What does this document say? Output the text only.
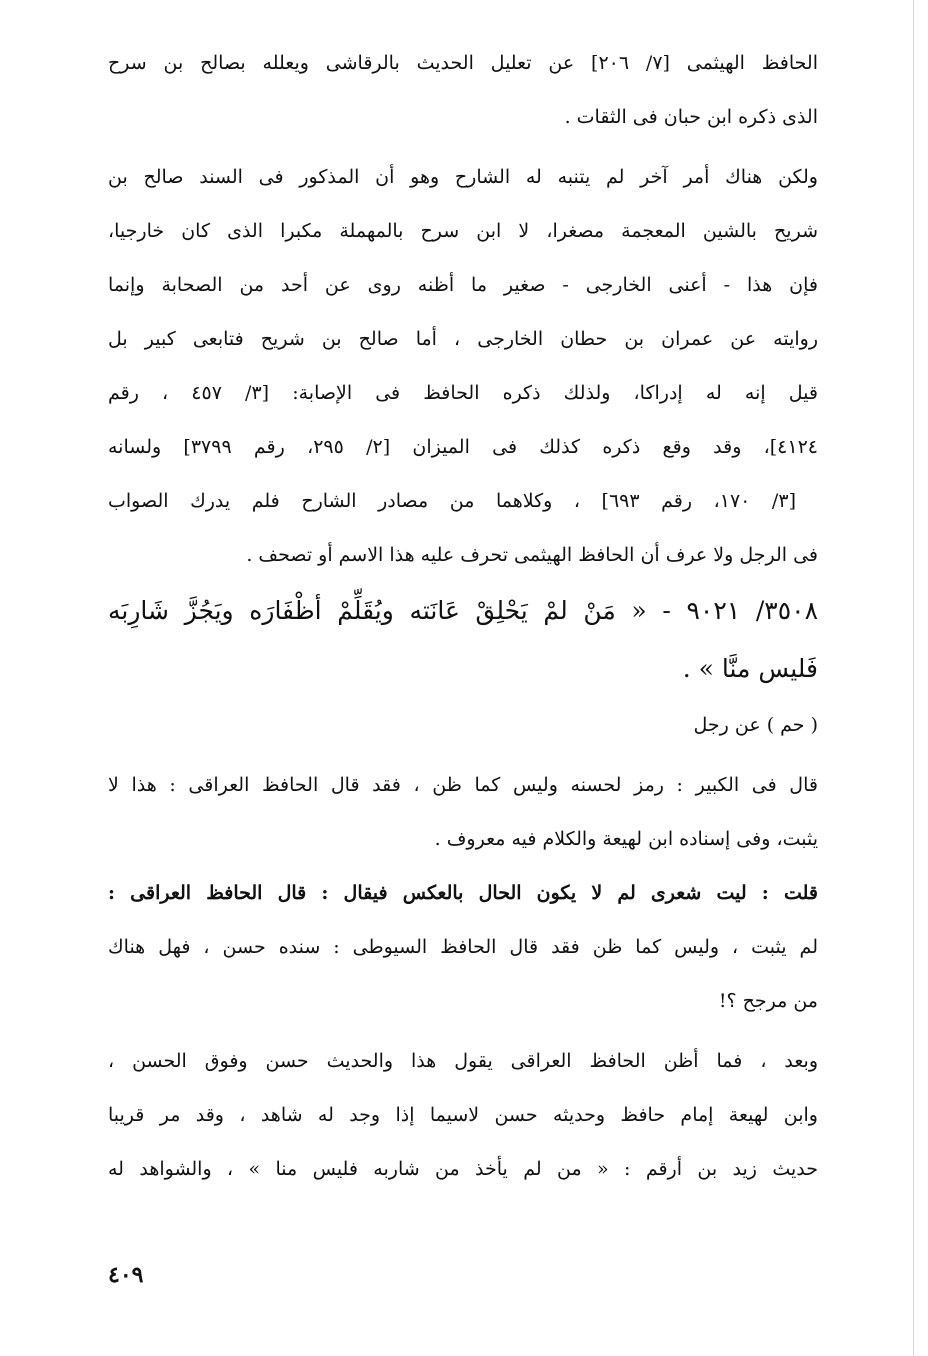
الحافظ الهيثمى [٧/ ٢٠٦] عن تعليل الحديث بالرقاشى ويعلله بصالح بن سرح
الذى ذكره ابن حبان فى الثقات .
ولكن هناك أمر آخر لم يتنبه له الشارح وهو أن المذكور فى السند صالح بن
شريح بالشين المعجمة مصغرا، لا ابن سرح بالمهملة مكبرا الذى كان خارجيا،
فإن هذا - أعنى الخارجى - صغير ما أظنه روى عن أحد من الصحابة وإنما
روايته عن عمران بن حطان الخارجى ، أما صالح بن شريح فتابعى كبير بل
قيل إنه له إدراكا، ولذلك ذكره الحافظ فى الإصابة: [٣/ ٤٥٧ ، رقم
٤١٢٤]، وقد وقع ذكره كذلك فى الميزان [٢/ ٢٩٥، رقم ٣٧٩٩] ولسانه
[٣/ ١٧٠، رقم ٦٩٣] ، وكلاهما من مصادر الشارح فلم يدرك الصواب
فى الرجل ولا عرف أن الحافظ الهيثمى تحرف عليه هذا الاسم أو تصحف .
٣٥٠٨/ ٩٠٢١ - « مَنْ لمْ يَحْلِقْ عَانَته ويُقَلِّمْ أظْفَارَه ويَجُزَّ شَارِبَه
فَليس منَّا » .
( حم ) عن رجل
قال فى الكبير : رمز لحسنه وليس كما ظن ، فقد قال الحافظ العراقى : هذا لا
يثبت، وفى إسناده ابن لهيعة والكلام فيه معروف .
قلت : ليت شعرى لم لا يكون الحال بالعكس فيقال : قال الحافظ العراقى :
لم يثبت ، وليس كما ظن فقد قال الحافظ السيوطى : سنده حسن ، فهل هناك
من مرجح ؟!
وبعد ، فما أظن الحافظ العراقى يقول هذا والحديث حسن وفوق الحسن ،
وابن لهيعة إمام حافظ وحديثه حسن لاسيما إذا وجد له شاهد ، وقد مر قريبا
حديث زيد بن أرقم : « من لم يأخذ من شاربه فليس منا » ، والشواهد له
٤٠٩
